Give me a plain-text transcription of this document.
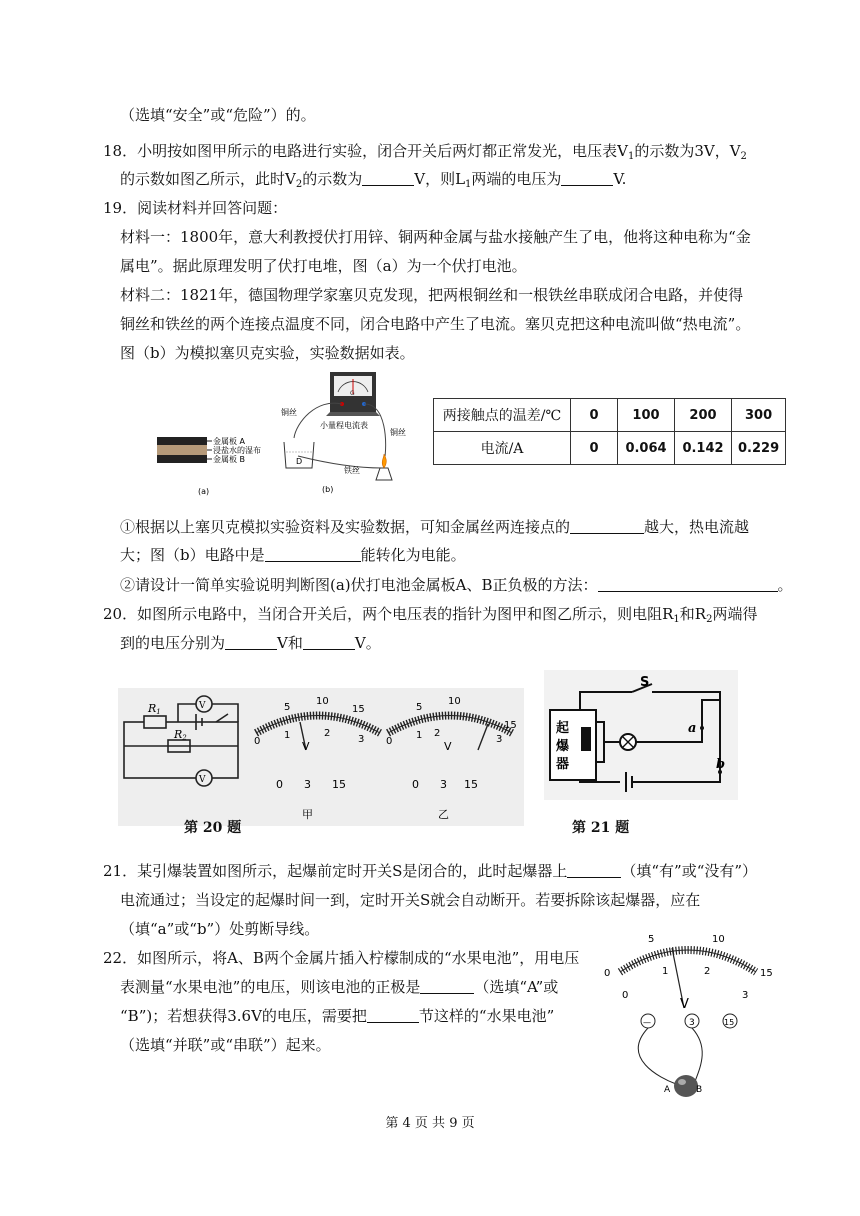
（选填“安全”或“危险”）的。
18．小明按如图甲所示的电路进行实验，闭合开关后两灯都正常发光，电压表$V_1$的示数为3V，$V_2$
的示数如图乙所示，此时$V_2$的示数为	V，则$L_1$两端的电压为	V.
19．阅读材料并回答问题：
材料一：1800年，意大利教授伏打用锌、铜两种金属与盐水接触产生了电，他将这种电称为“金
属电”。据此原理发明了伏打电堆，图（a）为一个伏打电池。
材料二：1821年，德国物理学家塞贝克发现，把两根铜丝和一根铁丝串联成闭合电路，并使得
铜丝和铁丝的两个连接点温度不同，闭合电路中产生了电流。塞贝克把这种电流叫做“热电流”。
图（b）为模拟塞贝克实验，实验数据如表。
金属板 A
浸盐水的湿布
金属板 B
(a)
G
铜丝
小量程电流表
铜丝
铁丝
D
(b)
两接触点的温差/℃	0	100	200	300
电流/A	0	0.064	0.142	0.229
①根据以上塞贝克模拟实验资料及实验数据，可知金属丝两连接点的	越大，热电流越
大；图（b）电路中是	能转化为电能。
②请设计一简单实验说明判断图(a)伏打电池金属板A、B正负极的方法：	。
20．如图所示电路中，当闭合开关后，两个电压表的指针为图甲和图乙所示，则电阻$R_1$和$R_2$两端得
到的电压分别为	V和	V。
R1
R2
V
V
5
10
15
0
1	2
3
V
0 3 15
甲
5
10
15
0
1 2
3
V
0 3 15
乙
第 20 题
起
爆
器
S
a
b
第 21 题
21．某引爆装置如图所示，起爆前定时开关S是闭合的，此时起爆器上	（填“有”或“没有”）
电流通过；当设定的起爆时间一到，定时开关S就会自动断开。若要拆除该起爆器，应在
（填“a”或“b”）处剪断导线。
22．如图所示，将A、B两个金属片插入柠檬制成的“水果电池”，用电压
表测量“水果电池”的电压，则该电池的正极是	（选填“A”或
“B”)；若想获得3.6V的电压，需要把	节这样的“水果电池”
（选填“并联”或“串联”）起来。
5	10
0	15
0
1	2
3
V
—	3	15
A	B
第 4 页 共 9 页
